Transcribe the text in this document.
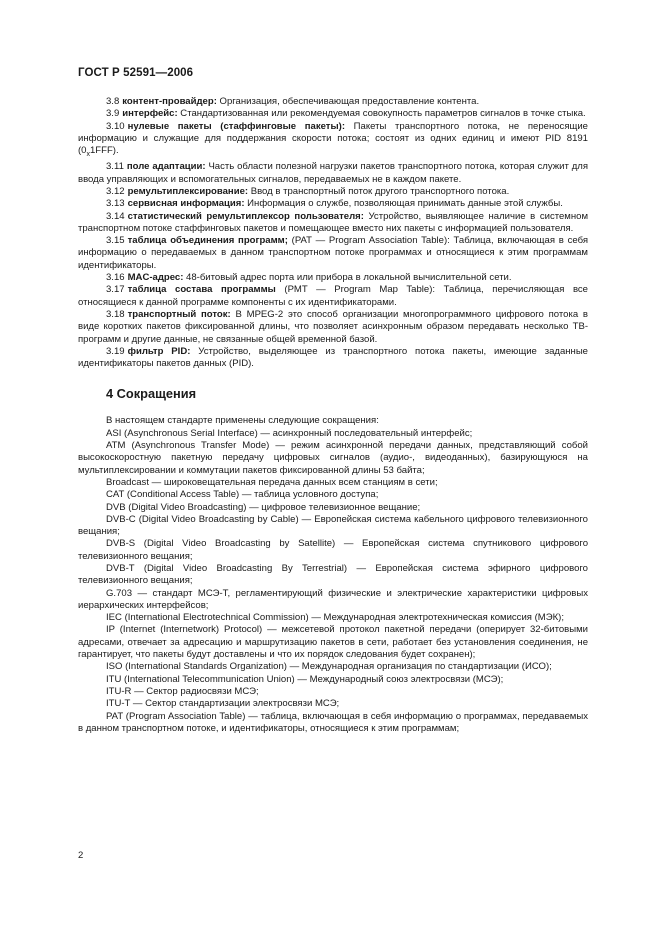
ГОСТ Р 52591—2006

3.8 контент-провайдер: Организация, обеспечивающая предоставление контента.

3.9 интерфейс: Стандартизованная или рекомендуемая совокупность параметров сигналов в точке стыка.

3.10 нулевые пакеты (стаффинговые пакеты): Пакеты транспортного потока, не переносящие информацию и служащие для поддержания скорости потока; состоят из одних единиц и имеют PID 8191 $(0_x1FFF)$.

3.11 поле адаптации: Часть области полезной нагрузки пакетов транспортного потока, которая служит для ввода управляющих и вспомогательных сигналов, передаваемых не в каждом пакете.

3.12 ремультиплексирование: Ввод в транспортный поток другого транспортного потока.

3.13 сервисная информация: Информация о службе, позволяющая принимать данные этой службы.

3.14 статистический ремультиплексор пользователя: Устройство, выявляющее наличие в системном транспортном потоке стаффинговых пакетов и помещающее вместо них пакеты с информацией пользователя.

3.15 таблица объединения программ; (PAT — Program Association Table): Таблица, включающая в себя информацию о передаваемых в данном транспортном потоке программах и относящиеся к этим программам идентификаторы.

3.16 MAC-адрес: 48-битовый адрес порта или прибора в локальной вычислительной сети.

3.17 таблица состава программы (PMT — Program Map Table): Таблица, перечисляющая все относящиеся к данной программе компоненты с их идентификаторами.

3.18 транспортный поток: В MPEG-2 это способ организации многопрограммного цифрового потока в виде коротких пакетов фиксированной длины, что позволяет асинхронным образом передавать несколько ТВ-программ и другие данные, не связанные общей временной базой.

3.19 фильтр PID: Устройство, выделяющее из транспортного потока пакеты, имеющие заданные идентификаторы пакетов данных (PID).

4 Сокращения

В настоящем стандарте применены следующие сокращения:

ASI (Asynchronous Serial Interface) — асинхронный последовательный интерфейс;

ATM (Asynchronous Transfer Mode) — режим асинхронной передачи данных, представляющий собой высокоскоростную пакетную передачу цифровых сигналов (аудио-, видеоданных), базирующуюся на мультиплексировании и коммутации пакетов фиксированной длины 53 байта;

Broadcast — широковещательная передача данных всем станциям в сети;

CAT (Conditional Access Table) — таблица условного доступа;

DVB (Digital Video Broadcasting) — цифровое телевизионное вещание;

DVB-C (Digital Video Broadcasting by Cable) — Европейская система кабельного цифрового телевизионного вещания;

DVB-S (Digital Video Broadcasting by Satellite) — Европейская система спутникового цифрового телевизионного вещания;

DVB-T (Digital Video Broadcasting By Terrestrial) — Европейская система эфирного цифрового телевизионного вещания;

G.703 — стандарт МСЭ-Т, регламентирующий физические и электрические характеристики цифровых иерархических интерфейсов;

IEC (International Electrotechnical Commission) — Международная электротехническая комиссия (МЭК);

IP (Internet (Internetwork) Protocol) — межсетевой протокол пакетной передачи (оперирует 32-битовыми адресами, отвечает за адресацию и маршрутизацию пакетов в сети, работает без установления соединения, не гарантирует, что пакеты будут доставлены и что их порядок следования будет сохранен);

ISO (International Standards Organization) — Международная организация по стандартизации (ИСО);

ITU (International Telecommunication Union) — Международный союз электросвязи (МСЭ);

ITU-R — Сектор радиосвязи МСЭ;

ITU-T — Сектор стандартизации электросвязи МСЭ;

PAT (Program Association Table) — таблица, включающая в себя информацию о программах, передаваемых в данном транспортном потоке, и идентификаторы, относящиеся к этим программам;

2
